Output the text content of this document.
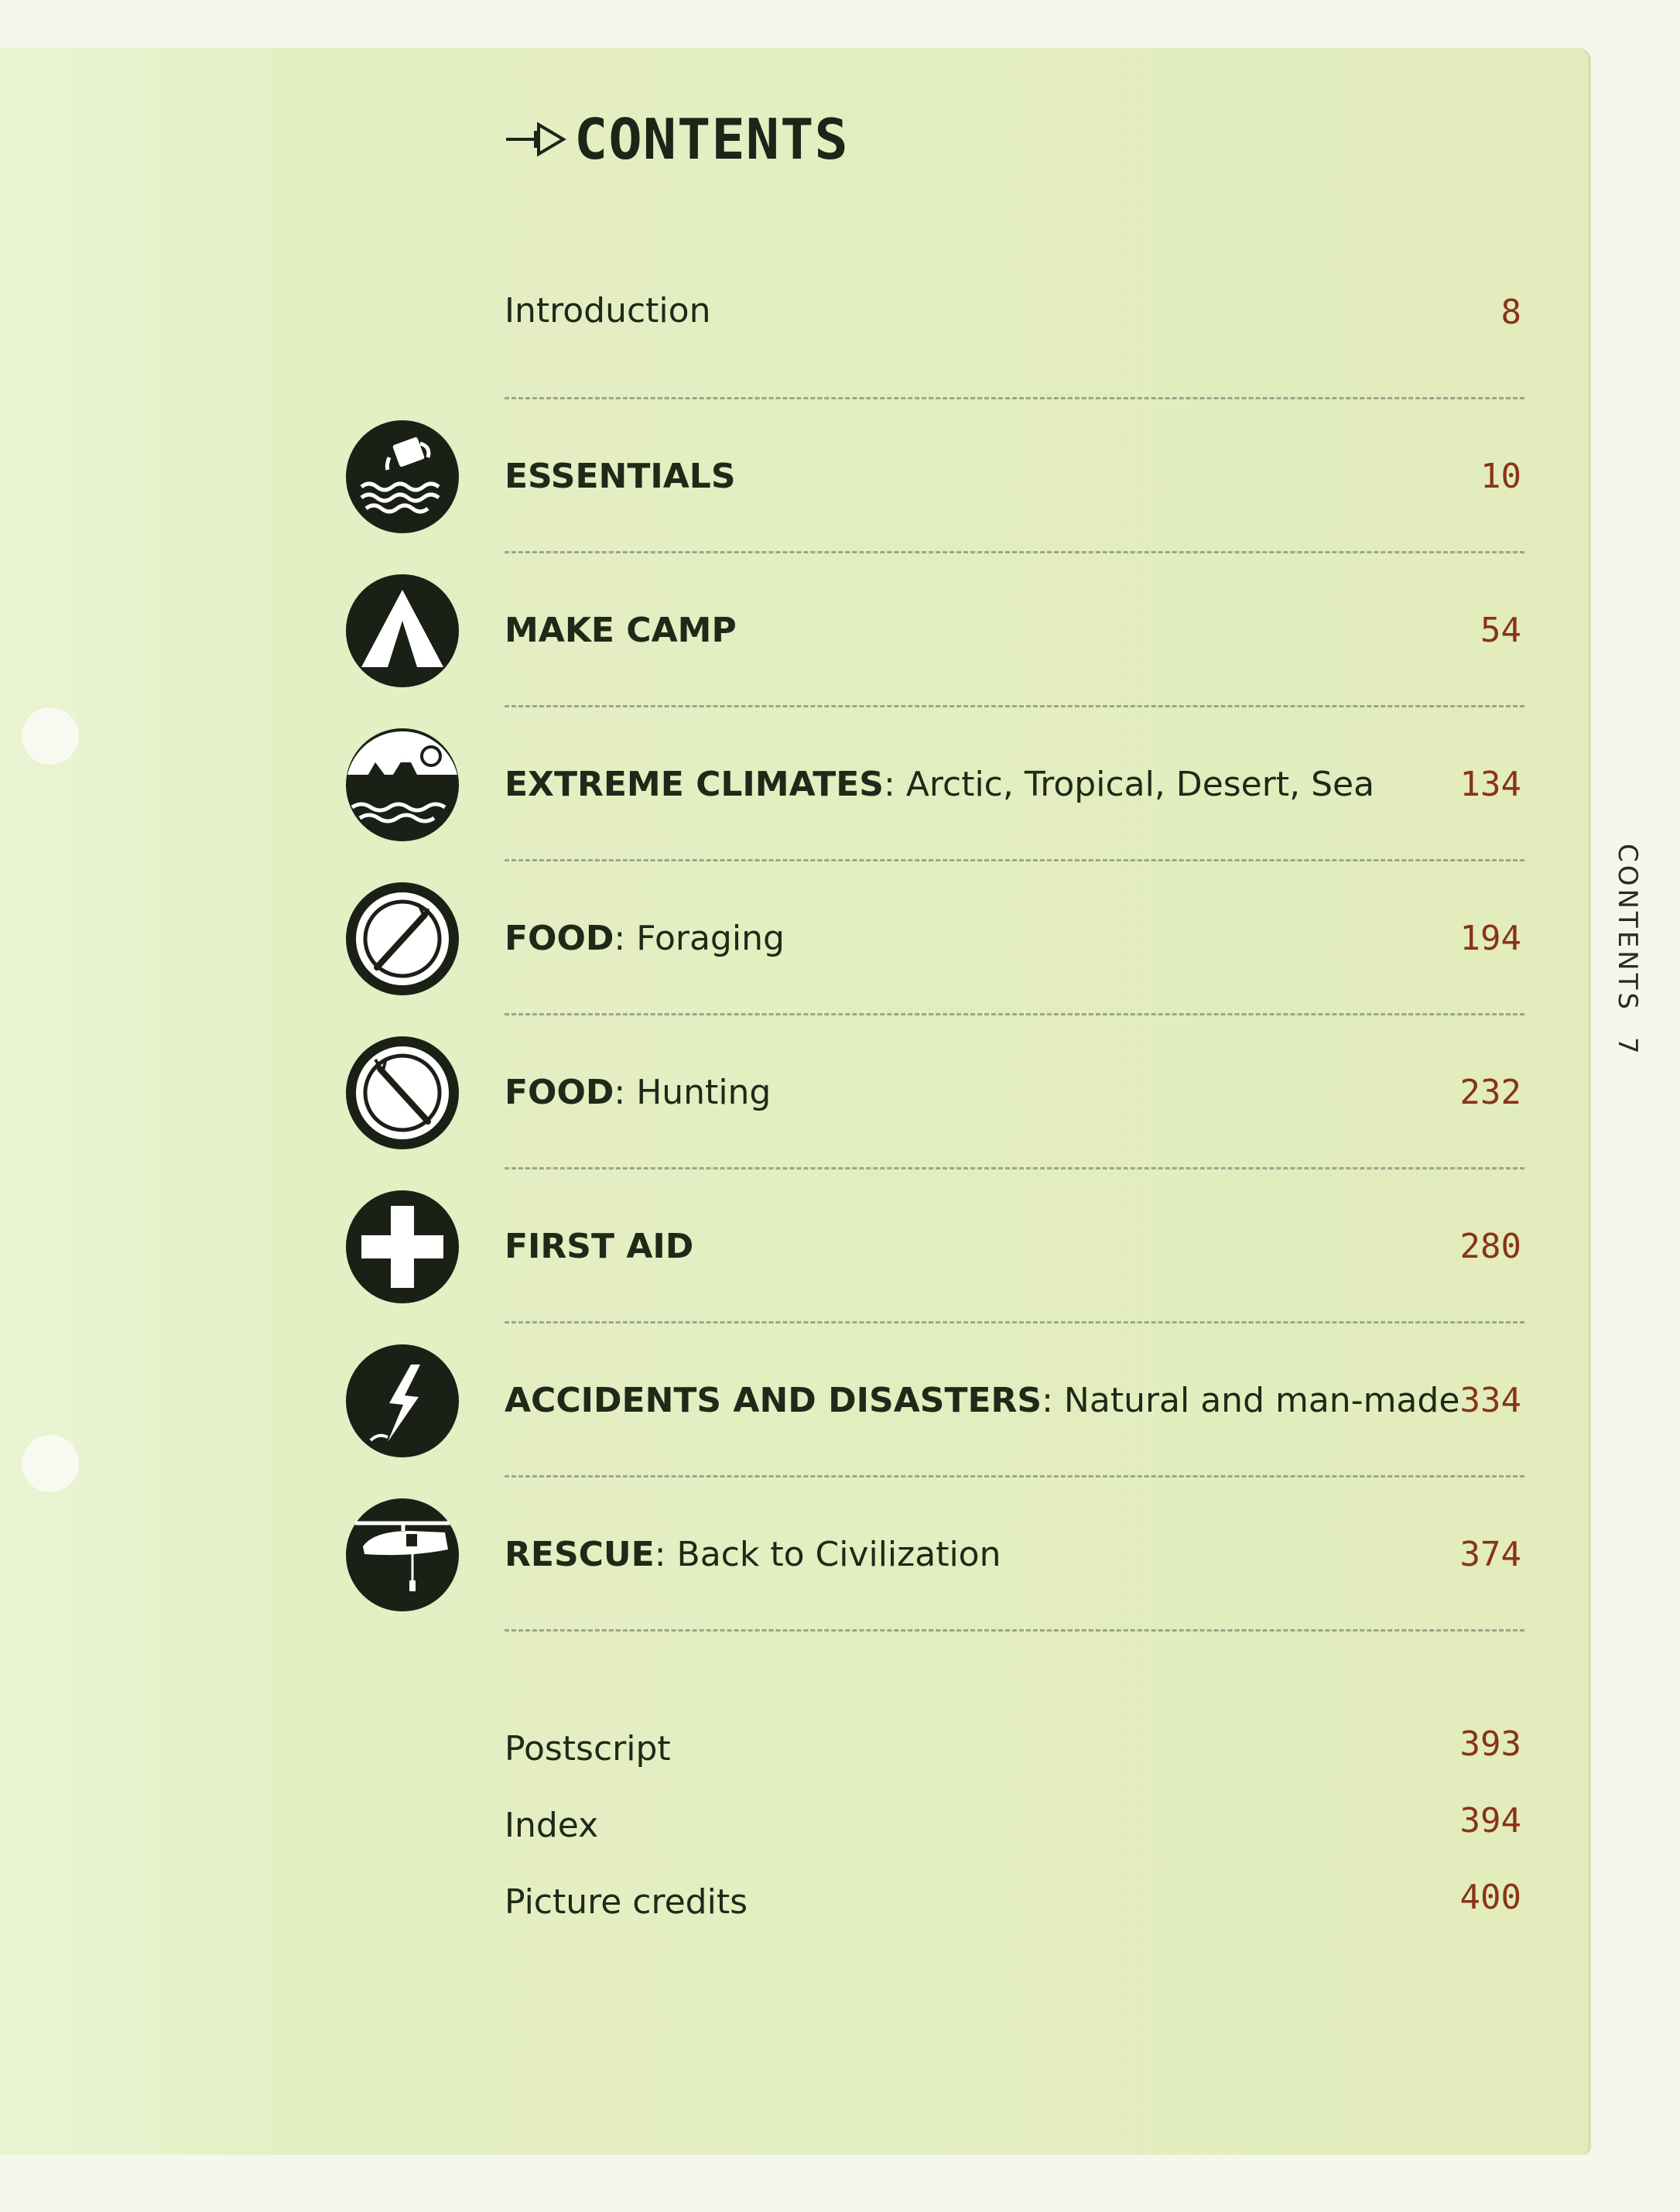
CONTENTS
Introduction	8
ESSENTIALS	10
MAKE CAMP	54
EXTREME CLIMATES: Arctic, Tropical, Desert, Sea	134
FOOD: Foraging	194
FOOD: Hunting	232
FIRST AID	280
ACCIDENTS AND DISASTERS: Natural and man-made 334
RESCUE: Back to Civilization	374
Postscript	393
Index	394
Picture credits	400
CONTENTS
7
